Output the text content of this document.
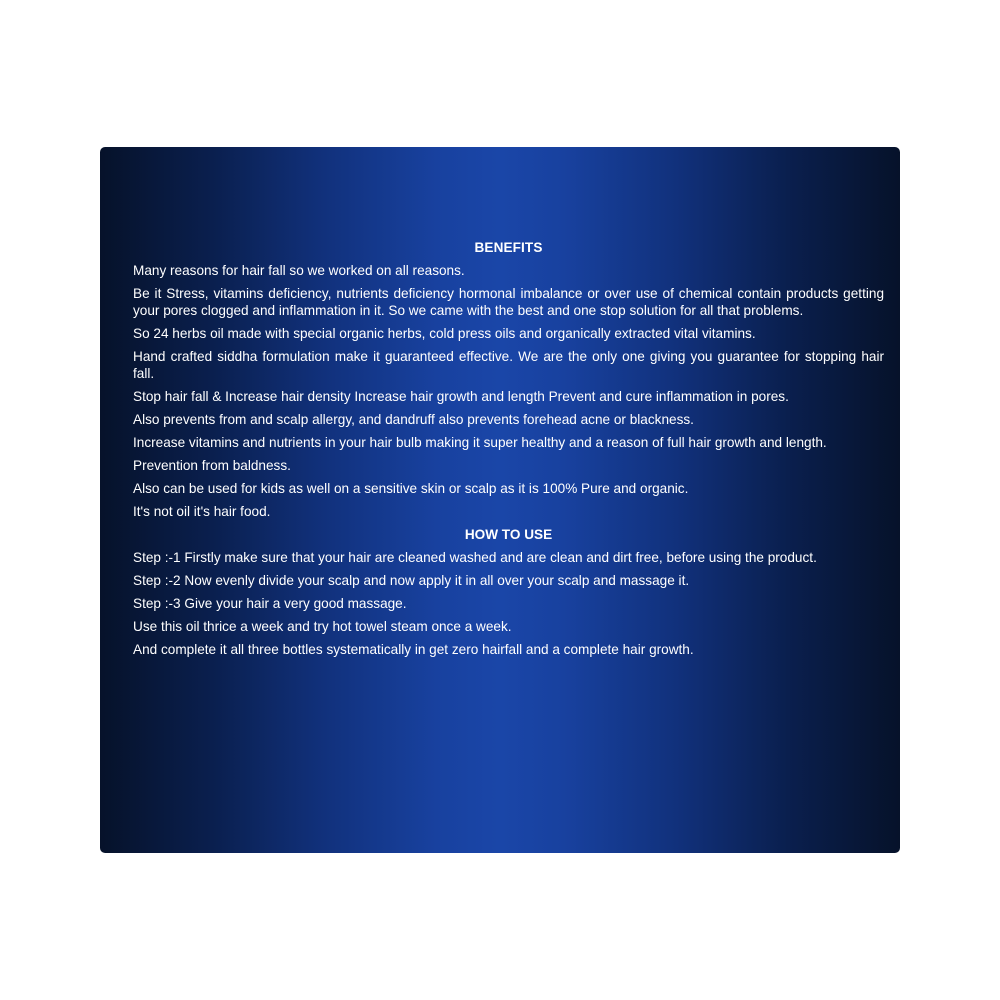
BENEFITS
Many reasons for hair fall so we worked on all reasons.
Be it Stress, vitamins deficiency, nutrients deficiency hormonal imbalance or over use of chemical contain products getting your pores clogged and inflammation in it. So we came with the best and one stop solution for all that problems.
So 24 herbs oil made with special organic herbs, cold press oils and organically extracted vital vitamins.
Hand crafted siddha formulation make it guaranteed effective. We are the only one giving you guarantee for stopping hair fall.
Stop hair fall & Increase hair density Increase hair growth and length Prevent and cure inflammation in pores.
Also prevents from and scalp allergy, and dandruff also prevents forehead acne or blackness.
Increase vitamins and nutrients in your hair bulb making it super healthy and a reason of full hair growth and length.
Prevention from baldness.
Also can be used for kids as well on a sensitive skin or scalp as it is 100% Pure and organic.
It's not oil it's hair food.
HOW TO USE
Step :-1 Firstly make sure that your hair are cleaned washed and are clean and dirt free, before using the product.
Step :-2 Now evenly divide your scalp and now apply it in all over your scalp and massage it.
Step :-3 Give your hair a very good massage.
Use this oil thrice a week and try hot towel steam once a week.
And complete it all three bottles systematically in get zero hairfall and a complete hair growth.
